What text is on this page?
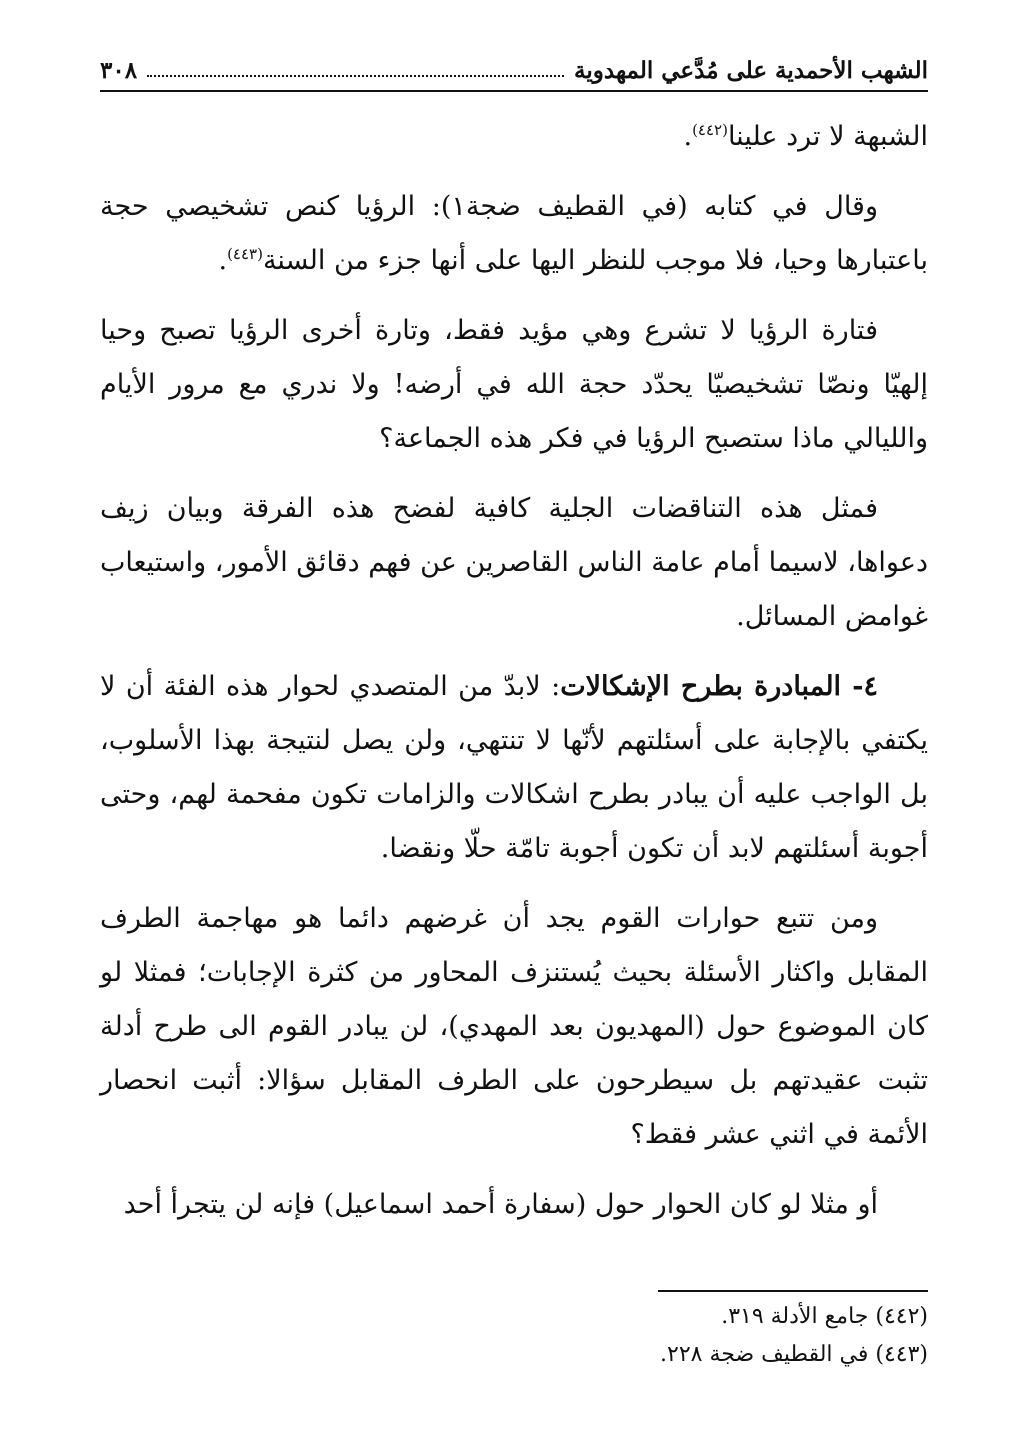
الشهب الأحمدية على مُدَّعي المهدوية
٣٠٨

الشبهة لا ترد علينا$^{(٤٤٢)}$.

وقال في كتابه (في القطيف ضجة١): الرؤيا كنص تشخيصي حجة باعتبارها وحيا، فلا موجب للنظر اليها على أنها جزء من السنة$^{(٤٤٣)}$.

فتارة الرؤيا لا تشرع وهي مؤيد فقط، وتارة أخرى الرؤيا تصبح وحيا إلهيّا ونصّا تشخيصيّا يحدّد حجة الله في أرضه! ولا ندري مع مرور الأيام والليالي ماذا ستصبح الرؤيا في فكر هذه الجماعة؟

فمثل هذه التناقضات الجلية كافية لفضح هذه الفرقة وبيان زيف دعواها، لاسيما أمام عامة الناس القاصرين عن فهم دقائق الأمور، واستيعاب غوامض المسائل.

٤- المبادرة بطرح الإشكالات: لابدّ من المتصدي لحوار هذه الفئة أن لا يكتفي بالإجابة على أسئلتهم لأنّها لا تنتهي، ولن يصل لنتيجة بهذا الأسلوب، بل الواجب عليه أن يبادر بطرح اشكالات والزامات تكون مفحمة لهم، وحتى أجوبة أسئلتهم لابد أن تكون أجوبة تامّة حلّا ونقضا.

ومن تتبع حوارات القوم يجد أن غرضهم دائما هو مهاجمة الطرف المقابل واكثار الأسئلة بحيث يُستنزف المحاور من كثرة الإجابات؛ فمثلا لو كان الموضوع حول (المهديون بعد المهدي)، لن يبادر القوم الى طرح أدلة تثبت عقيدتهم بل سيطرحون على الطرف المقابل سؤالا: أثبت انحصار الأئمة في اثني عشر فقط؟

أو مثلا لو كان الحوار حول (سفارة أحمد اسماعيل) فإنه لن يتجرأ أحد

(٤٤٢) جامع الأدلة ٣١٩.

(٤٤٣) في القطيف ضجة ٢٢٨.
